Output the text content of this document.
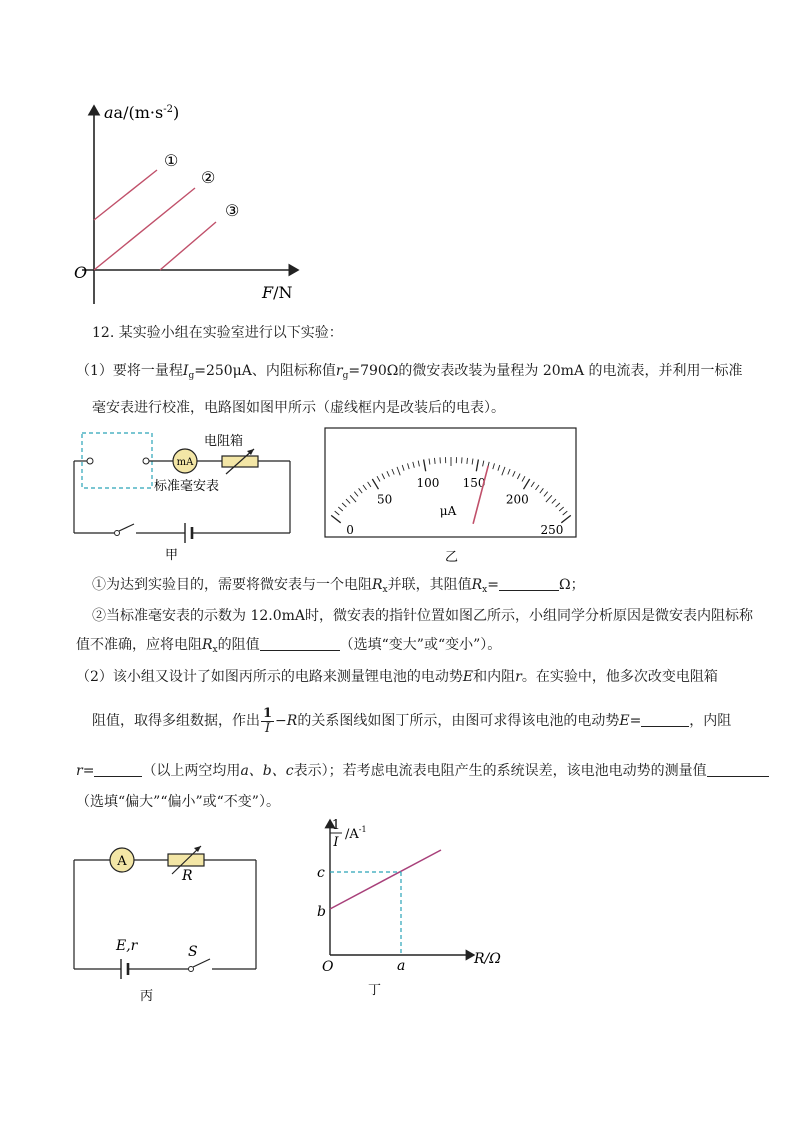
①
②
③
$aa/(m\cdot s^{-2})$
O
F/N
12. 某实验小组在实验室进行以下实验：
（1）要将一量程$I_g=250\mu A$、内阻标称值$r_g=790\Omega$的微安表改装为量程为 20mA 的电流表，并利用一标准
毫安表进行校准，电路图如图甲所示（虚线框内是改装后的电表）。
mA
电阻箱
标准毫安表
甲
0
50
100 150
200
250
μA
乙
①为达到实验目的，需要将微安表与一个电阻$R_x$并联，其阻值$R_x=$	Ω；
②当标准毫安表的示数为 12.0mA时，微安表的指针位置如图乙所示，小组同学分析原因是微安表内阻标称
值不准确，应将电阻$R_x$的阻值	（选填“变大”或“变小”）。
（2）该小组又设计了如图丙所示的电路来测量锂电池的电动势E和内阻r。在实验中，他多次改变电阻箱
阻值，取得多组数据，作出 $\frac{1}{I} -R$的关系图线如图丁所示，由图可求得该电池的电动势E=	，内阻
r=	（以上两空均用a、b、c表示）；若考虑电流表电阻产生的系统误差，该电池电动势的测量值
（选填“偏大”“偏小”或“不变”）。
A
R
E,r	S
丙
1
I
$/A^{-1}$
c
b
O	a	R/Ω
丁
